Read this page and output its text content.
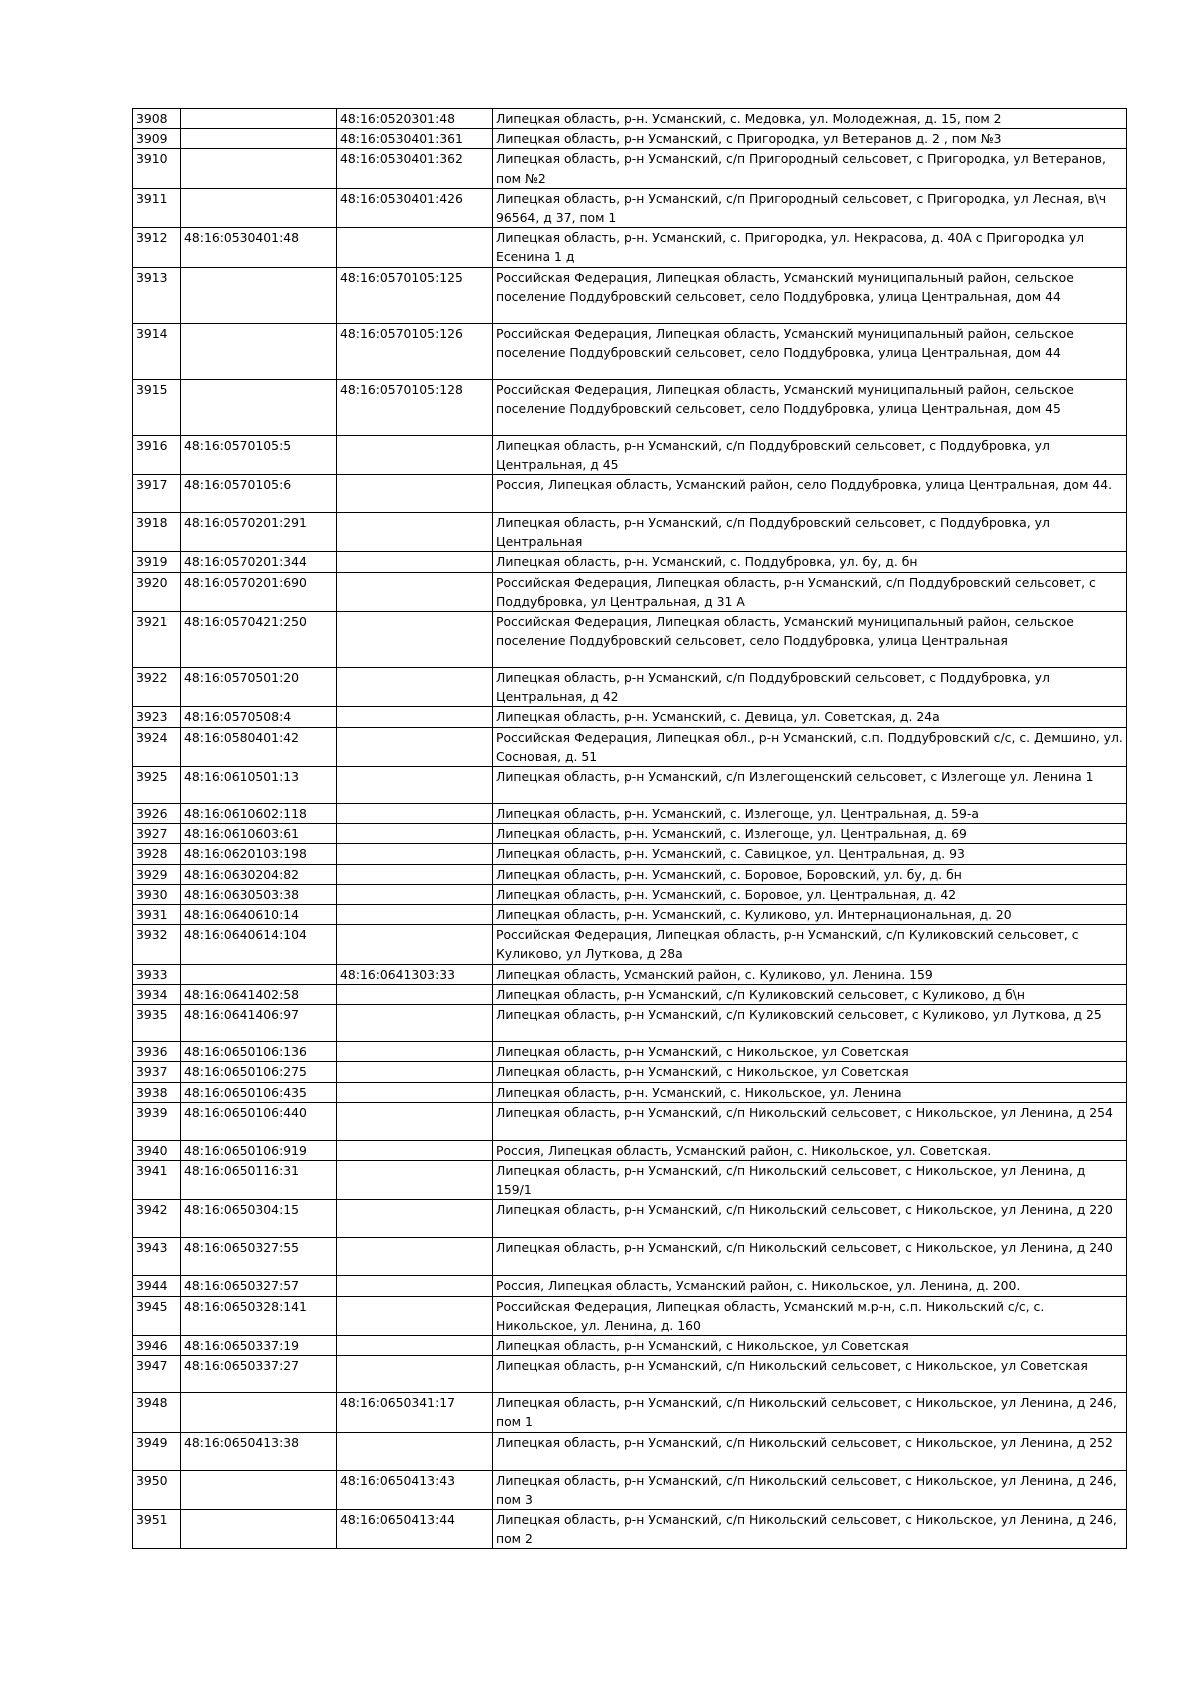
3908		48:16:0520301:48	Липецкая область, р-н. Усманский, с. Медовка, ул. Молодежная, д. 15, пом 2
3909		48:16:0530401:361	Липецкая область, р-н Усманский, с Пригородка, ул Ветеранов д. 2 , пом №3
3910		48:16:0530401:362	Липецкая область, р-н Усманский, с/п Пригородный сельсовет, с Пригородка, ул Ветеранов, пом №2
3911		48:16:0530401:426	Липецкая область, р-н Усманский, с/п Пригородный сельсовет, с Пригородка, ул Лесная, в\ч 96564, д 37, пом 1
3912	48:16:0530401:48		Липецкая область, р-н. Усманский, с. Пригородка, ул. Некрасова, д. 40А с Пригородка ул Есенина 1 д
3913		48:16:0570105:125	Российская Федерация, Липецкая область, Усманский муниципальный район, сельское поселение Поддубровский сельсовет, село Поддубровка, улица Центральная, дом 44
3914		48:16:0570105:126	Российская Федерация, Липецкая область, Усманский муниципальный район, сельское поселение Поддубровский сельсовет, село Поддубровка, улица Центральная, дом 44
3915		48:16:0570105:128	Российская Федерация, Липецкая область, Усманский муниципальный район, сельское поселение Поддубровский сельсовет, село Поддубровка, улица Центральная, дом 45
3916	48:16:0570105:5		Липецкая область, р-н Усманский, с/п Поддубровский сельсовет, с Поддубровка, ул Центральная, д 45
3917	48:16:0570105:6		Россия, Липецкая область, Усманский район, село Поддубровка, улица Центральная, дом 44.
3918	48:16:0570201:291		Липецкая область, р-н Усманский, с/п Поддубровский сельсовет, с Поддубровка, ул Центральная
3919	48:16:0570201:344		Липецкая область, р-н. Усманский, с. Поддубровка, ул. бу, д. бн
3920	48:16:0570201:690		Российская Федерация, Липецкая область, р-н Усманский, с/п Поддубровский сельсовет, с Поддубровка, ул Центральная, д 31 А
3921	48:16:0570421:250		Российская Федерация, Липецкая область, Усманский муниципальный район, сельское поселение Поддубровский сельсовет, село Поддубровка, улица Центральная
3922	48:16:0570501:20		Липецкая область, р-н Усманский, с/п Поддубровский сельсовет, с Поддубровка, ул Центральная, д 42
3923	48:16:0570508:4		Липецкая область, р-н. Усманский, с. Девица, ул. Советская, д. 24а
3924	48:16:0580401:42		Российская Федерация, Липецкая обл., р-н Усманский, с.п. Поддубровский с/с, с. Демшино, ул. Сосновая, д. 51
3925	48:16:0610501:13		Липецкая область, р-н Усманский, с/п Излегощенский сельсовет, с Излегоще ул. Ленина 1
3926	48:16:0610602:118		Липецкая область, р-н. Усманский, с. Излегоще, ул. Центральная, д. 59-а
3927	48:16:0610603:61		Липецкая область, р-н. Усманский, с. Излегоще, ул. Центральная, д. 69
3928	48:16:0620103:198		Липецкая область, р-н. Усманский, с. Савицкое, ул. Центральная, д. 93
3929	48:16:0630204:82		Липецкая область, р-н. Усманский, с. Боровое, Боровский, ул. бу, д. бн
3930	48:16:0630503:38		Липецкая область, р-н. Усманский, с. Боровое, ул. Центральная, д. 42
3931	48:16:0640610:14		Липецкая область, р-н. Усманский, с. Куликово, ул. Интернациональная, д. 20
3932	48:16:0640614:104		Российская Федерация, Липецкая область, р-н Усманский, с/п Куликовский сельсовет, с Куликово, ул Луткова, д 28а
3933		48:16:0641303:33	Липецкая область, Усманский район, с. Куликово, ул. Ленина. 159
3934	48:16:0641402:58		Липецкая область, р-н Усманский, с/п Куликовский сельсовет, с Куликово, д б\н
3935	48:16:0641406:97		Липецкая область, р-н Усманский, с/п Куликовский сельсовет, с Куликово, ул Луткова, д 25
3936	48:16:0650106:136		Липецкая область, р-н Усманский, с Никольское, ул Советская
3937	48:16:0650106:275		Липецкая область, р-н Усманский, с Никольское, ул Советская
3938	48:16:0650106:435		Липецкая область, р-н. Усманский, с. Никольское, ул. Ленина
3939	48:16:0650106:440		Липецкая область, р-н Усманский, с/п Никольский сельсовет, с Никольское, ул Ленина, д 254
3940	48:16:0650106:919		Россия, Липецкая область, Усманский район, с. Никольское, ул. Советская.
3941	48:16:0650116:31		Липецкая область, р-н Усманский, с/п Никольский сельсовет, с Никольское, ул Ленина, д 159/1
3942	48:16:0650304:15		Липецкая область, р-н Усманский, с/п Никольский сельсовет, с Никольское, ул Ленина, д 220
3943	48:16:0650327:55		Липецкая область, р-н Усманский, с/п Никольский сельсовет, с Никольское, ул Ленина, д 240
3944	48:16:0650327:57		Россия, Липецкая область, Усманский район, с. Никольское, ул. Ленина, д. 200.
3945	48:16:0650328:141		Российская Федерация, Липецкая область, Усманский м.р-н, с.п. Никольский с/с, с. Никольское, ул. Ленина, д. 160
3946	48:16:0650337:19		Липецкая область, р-н Усманский, с Никольское, ул Советская
3947	48:16:0650337:27		Липецкая область, р-н Усманский, с/п Никольский сельсовет, с Никольское, ул Советская
3948		48:16:0650341:17	Липецкая область, р-н Усманский, с/п Никольский сельсовет, с Никольское, ул Ленина, д 246, пом 1
3949	48:16:0650413:38		Липецкая область, р-н Усманский, с/п Никольский сельсовет, с Никольское, ул Ленина, д 252
3950		48:16:0650413:43	Липецкая область, р-н Усманский, с/п Никольский сельсовет, с Никольское, ул Ленина, д 246, пом 3
3951		48:16:0650413:44	Липецкая область, р-н Усманский, с/п Никольский сельсовет, с Никольское, ул Ленина, д 246, пом 2
